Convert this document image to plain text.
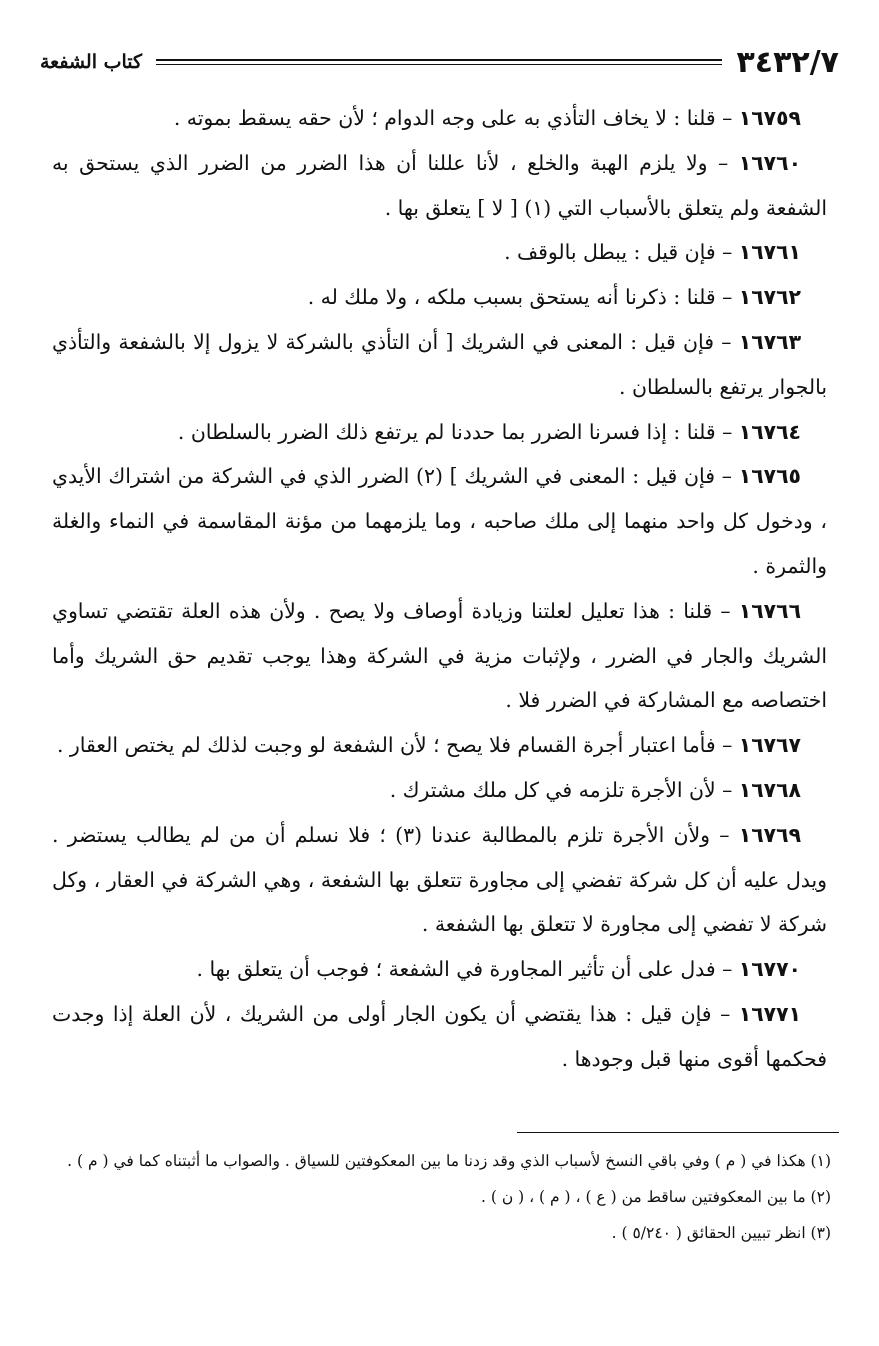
٣٤٣٢/٧
كتاب الشفعة

١٦٧٥٩ – قلنا : لا يخاف التأذي به على وجه الدوام ؛ لأن حقه يسقط بموته .

١٦٧٦٠ – ولا يلزم الهبة والخلع ، لأنا عللنا أن هذا الضرر من الضرر الذي يستحق به الشفعة ولم يتعلق بالأسباب التي (١) [ لا ] يتعلق بها .

١٦٧٦١ – فإن قيل : يبطل بالوقف .

١٦٧٦٢ – قلنا : ذكرنا أنه يستحق بسبب ملكه ، ولا ملك له .

١٦٧٦٣ – فإن قيل : المعنى في الشريك [ أن التأذي بالشركة لا يزول إلا بالشفعة والتأذي بالجوار يرتفع بالسلطان .

١٦٧٦٤ – قلنا : إذا فسرنا الضرر بما حددنا لم يرتفع ذلك الضرر بالسلطان .

١٦٧٦٥ – فإن قيل : المعنى في الشريك ] (٢) الضرر الذي في الشركة من اشتراك الأيدي ، ودخول كل واحد منهما إلى ملك صاحبه ، وما يلزمهما من مؤنة المقاسمة في النماء والغلة والثمرة .

١٦٧٦٦ – قلنا : هذا تعليل لعلتنا وزيادة أوصاف ولا يصح . ولأن هذه العلة تقتضي تساوي الشريك والجار في الضرر ، ولإثبات مزية في الشركة وهذا يوجب تقديم حق الشريك وأما اختصاصه مع المشاركة في الضرر فلا .

١٦٧٦٧ – فأما اعتبار أجرة القسام فلا يصح ؛ لأن الشفعة لو وجبت لذلك لم يختص العقار .

١٦٧٦٨ – لأن الأجرة تلزمه في كل ملك مشترك .

١٦٧٦٩ – ولأن الأجرة تلزم بالمطالبة عندنا (٣) ؛ فلا نسلم أن من لم يطالب يستضر . ويدل عليه أن كل شركة تفضي إلى مجاورة تتعلق بها الشفعة ، وهي الشركة في العقار ، وكل شركة لا تفضي إلى مجاورة لا تتعلق بها الشفعة .

١٦٧٧٠ – فدل على أن تأثير المجاورة في الشفعة ؛ فوجب أن يتعلق بها .

١٦٧٧١ – فإن قيل : هذا يقتضي أن يكون الجار أولى من الشريك ، لأن العلة إذا وجدت فحكمها أقوى منها قبل وجودها .

(١) هكذا في ( م ) وفي باقي النسخ لأسباب الذي وقد زدنا ما بين المعكوفتين للسياق . والصواب ما أثبتناه كما في ( م ) .

(٢) ما بين المعكوفتين ساقط من ( ع ) ، ( م ) ، ( ن ) .

(٣) انظر تبيين الحقائق ( ٥/٢٤٠ ) .
